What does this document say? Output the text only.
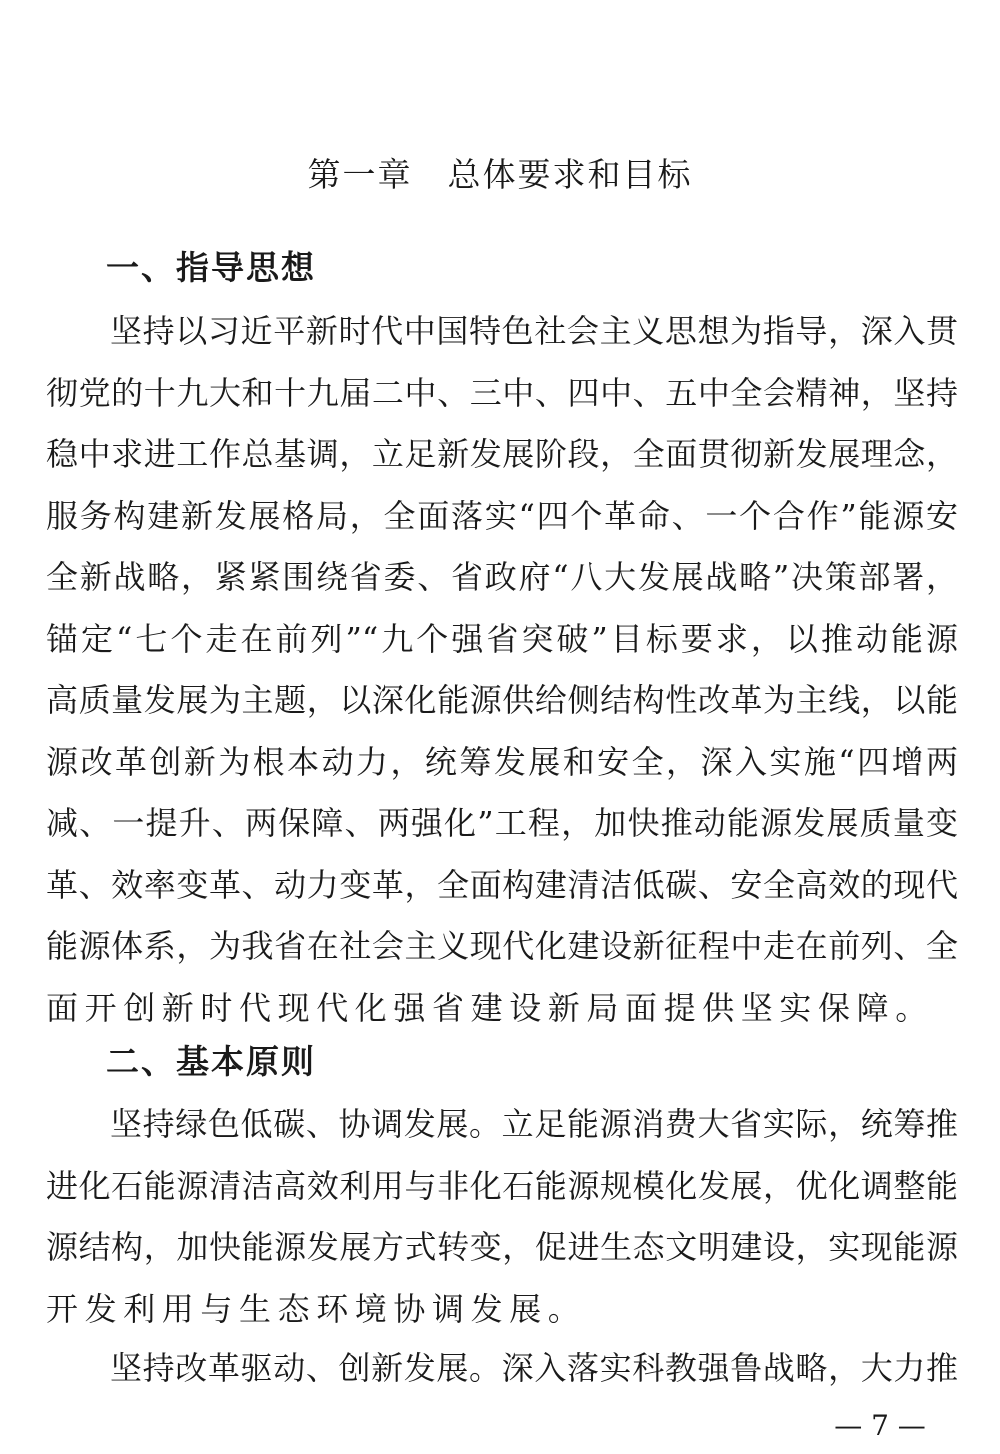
第一章　总体要求和目标
一、指导思想
坚持以习近平新时代中国特色社会主义思想为指导，深入贯
彻党的十九大和十九届二中、三中、四中、五中全会精神，坚持
稳中求进工作总基调，立足新发展阶段，全面贯彻新发展理念，
服务构建新发展格局，全面落实“四个革命、一个合作”能源安
全新战略，紧紧围绕省委、省政府“八大发展战略”决策部署，
锚定“七个走在前列”“九个强省突破”目标要求，以推动能源
高质量发展为主题，以深化能源供给侧结构性改革为主线，以能
源改革创新为根本动力，统筹发展和安全，深入实施“四增两
减、一提升、两保障、两强化”工程，加快推动能源发展质量变
革、效率变革、动力变革，全面构建清洁低碳、安全高效的现代
能源体系，为我省在社会主义现代化建设新征程中走在前列、全
面开创新时代现代化强省建设新局面提供坚实保障。
二、基本原则
坚持绿色低碳、协调发展。立足能源消费大省实际，统筹推
进化石能源清洁高效利用与非化石能源规模化发展，优化调整能
源结构，加快能源发展方式转变，促进生态文明建设，实现能源
开发利用与生态环境协调发展。
坚持改革驱动、创新发展。深入落实科教强鲁战略，大力推
— 7 —
